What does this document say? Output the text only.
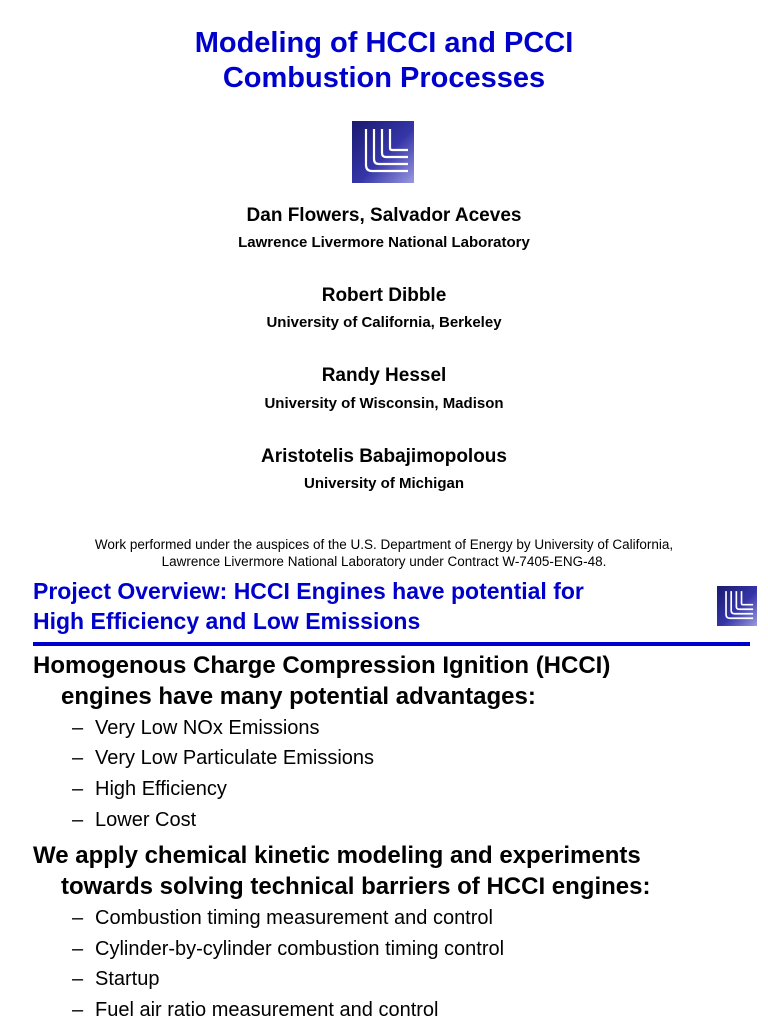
Modeling of HCCI and PCCI
Combustion Processes
Dan Flowers, Salvador Aceves
Lawrence Livermore National Laboratory
Robert Dibble
University of California, Berkeley
Randy Hessel
University of Wisconsin, Madison
Aristotelis Babajimopolous
University of Michigan
Work performed under the auspices of the U.S. Department of Energy by University of California,
Lawrence Livermore National Laboratory under Contract W-7405-ENG-48.
Project Overview: HCCI Engines have potential for
High Efficiency and Low Emissions
Homogenous Charge Compression Ignition (HCCI)
engines have many potential advantages:
– Very Low NOx Emissions
– Very Low Particulate Emissions
– High Efficiency
– Lower Cost
We apply chemical kinetic modeling and experiments
towards solving technical barriers of HCCI engines:
– Combustion timing measurement and control
– Cylinder-by-cylinder combustion timing control
– Startup
– Fuel air ratio measurement and control
